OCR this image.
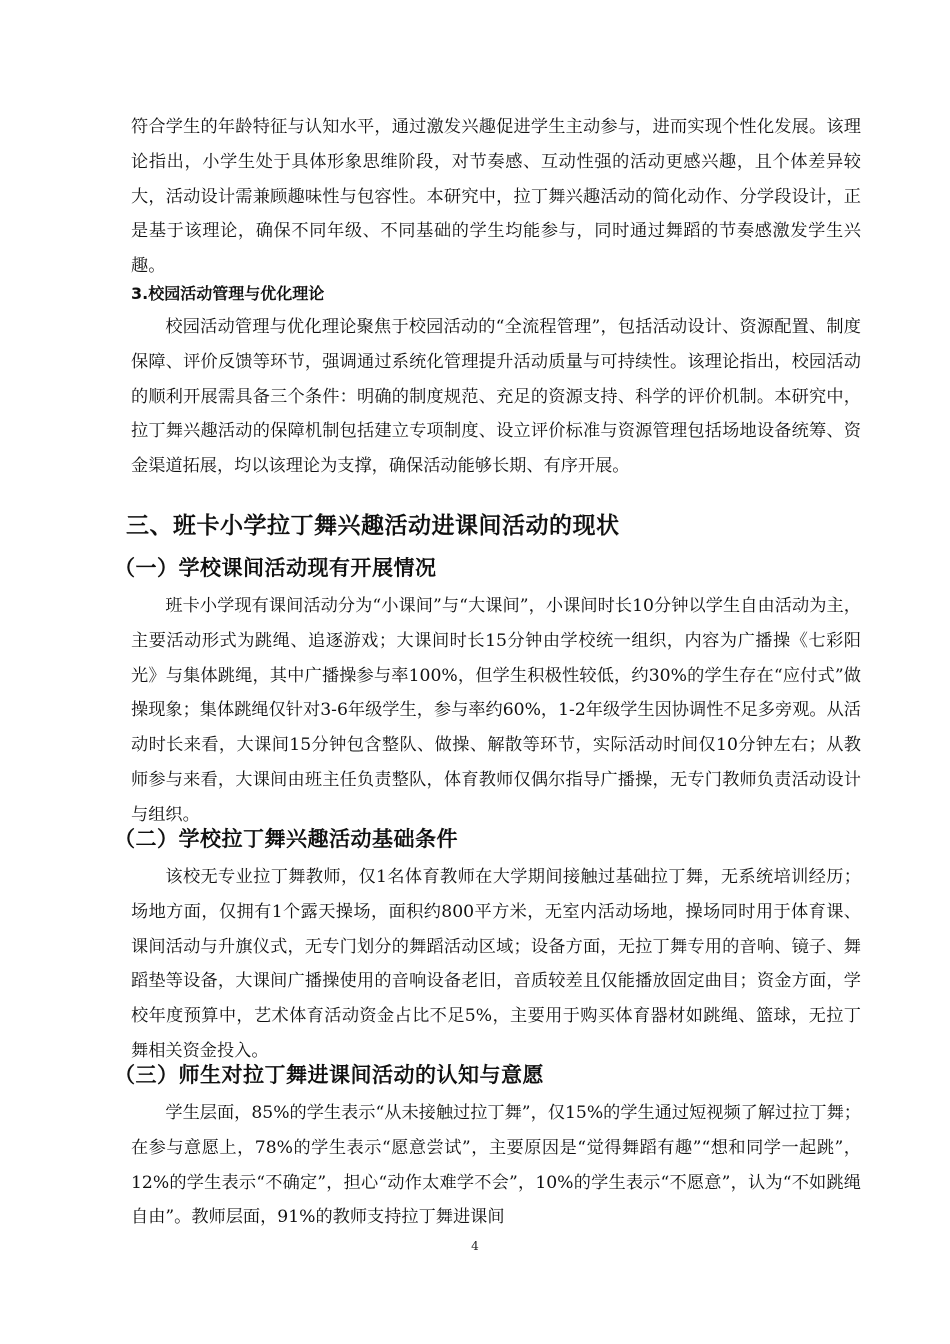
符合学生的年龄特征与认知水平，通过激发兴趣促进学生主动参与，进而实现个性化发展。该理论指出，小学生处于具体形象思维阶段，对节奏感、互动性强的活动更感兴趣，且个体差异较大，活动设计需兼顾趣味性与包容性。本研究中，拉丁舞兴趣活动的简化动作、分学段设计，正是基于该理论，确保不同年级、不同基础的学生均能参与，同时通过舞蹈的节奏感激发学生兴趣。

3.校园活动管理与优化理论

校园活动管理与优化理论聚焦于校园活动的“全流程管理”，包括活动设计、资源配置、制度保障、评价反馈等环节，强调通过系统化管理提升活动质量与可持续性。该理论指出，校园活动的顺利开展需具备三个条件：明确的制度规范、充足的资源支持、科学的评价机制。本研究中，拉丁舞兴趣活动的保障机制包括建立专项制度、设立评价标准与资源管理包括场地设备统筹、资金渠道拓展，均以该理论为支撑，确保活动能够长期、有序开展。

三、班卡小学拉丁舞兴趣活动进课间活动的现状
（一）学校课间活动现有开展情况

班卡小学现有课间活动分为“小课间”与“大课间”，小课间时长10分钟以学生自由活动为主，主要活动形式为跳绳、追逐游戏；大课间时长15分钟由学校统一组织，内容为广播操《七彩阳光》与集体跳绳，其中广播操参与率100%，但学生积极性较低，约30%的学生存在“应付式”做操现象；集体跳绳仅针对3-6年级学生，参与率约60%，1-2年级学生因协调性不足多旁观。从活动时长来看，大课间15分钟包含整队、做操、解散等环节，实际活动时间仅10分钟左右；从教师参与来看，大课间由班主任负责整队，体育教师仅偶尔指导广播操，无专门教师负责活动设计与组织。

（二）学校拉丁舞兴趣活动基础条件

该校无专业拉丁舞教师，仅1名体育教师在大学期间接触过基础拉丁舞，无系统培训经历；场地方面，仅拥有1个露天操场，面积约800平方米，无室内活动场地，操场同时用于体育课、课间活动与升旗仪式，无专门划分的舞蹈活动区域；设备方面，无拉丁舞专用的音响、镜子、舞蹈垫等设备，大课间广播操使用的音响设备老旧，音质较差且仅能播放固定曲目；资金方面，学校年度预算中，艺术体育活动资金占比不足5%，主要用于购买体育器材如跳绳、篮球，无拉丁舞相关资金投入。

（三）师生对拉丁舞进课间活动的认知与意愿

学生层面，85%的学生表示“从未接触过拉丁舞”，仅15%的学生通过短视频了解过拉丁舞；在参与意愿上，78%的学生表示“愿意尝试”，主要原因是“觉得舞蹈有趣”“想和同学一起跳”，12%的学生表示“不确定”，担心“动作太难学不会”，10%的学生表示“不愿意”，认为“不如跳绳自由”。教师层面，91%的教师支持拉丁舞进课间

4
